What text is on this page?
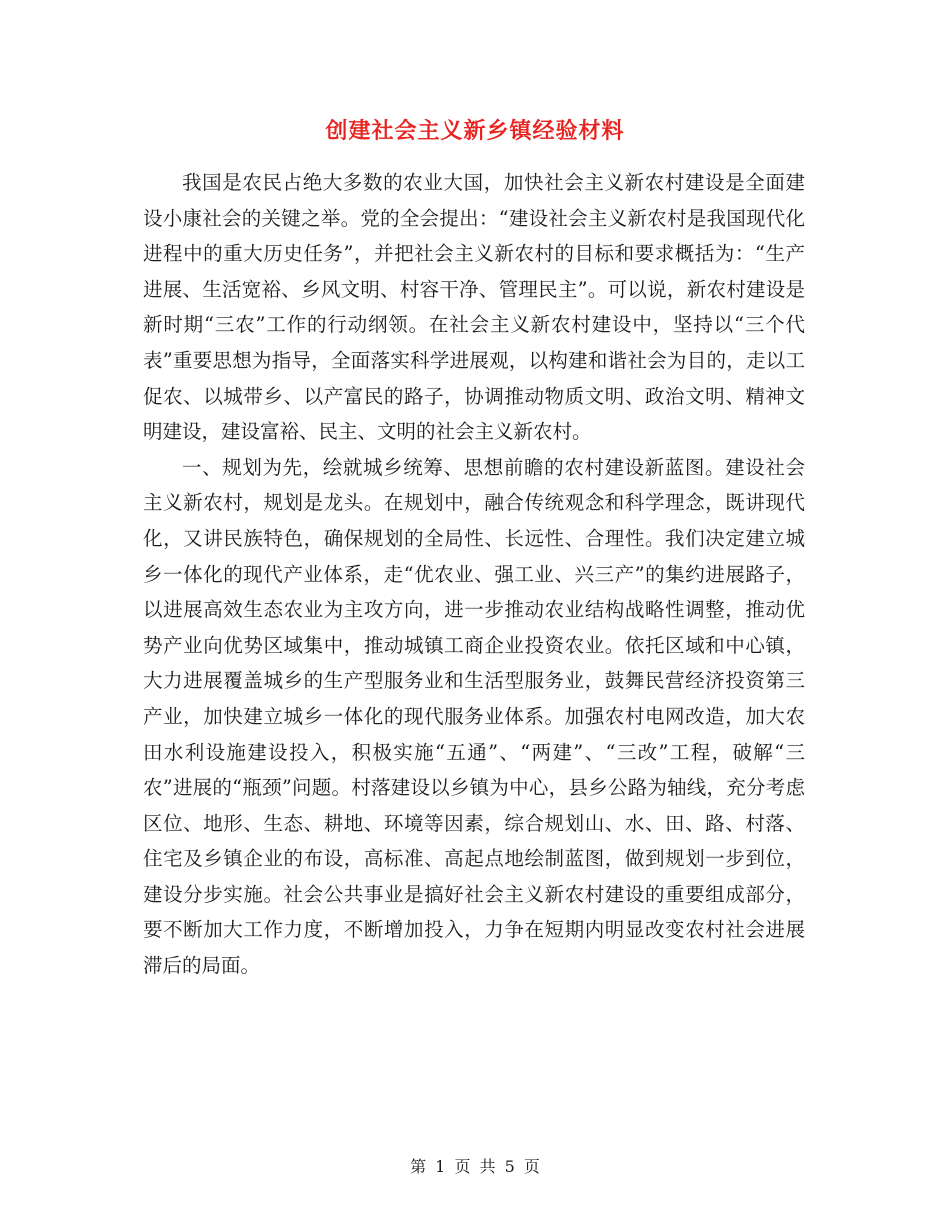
创建社会主义新乡镇经验材料

我国是农民占绝大多数的农业大国，加快社会主义新农村建设是全面建设小康社会的关键之举。党的全会提出：“建设社会主义新农村是我国现代化进程中的重大历史任务”，并把社会主义新农村的目标和要求概括为：“生产进展、生活宽裕、乡风文明、村容干净、管理民主”。可以说，新农村建设是新时期“三农”工作的行动纲领。在社会主义新农村建设中，坚持以“三个代表”重要思想为指导，全面落实科学进展观，以构建和谐社会为目的，走以工促农、以城带乡、以产富民的路子，协调推动物质文明、政治文明、精神文明建设，建设富裕、民主、文明的社会主义新农村。

一、规划为先，绘就城乡统筹、思想前瞻的农村建设新蓝图。建设社会主义新农村，规划是龙头。在规划中，融合传统观念和科学理念，既讲现代化，又讲民族特色，确保规划的全局性、长远性、合理性。我们决定建立城乡一体化的现代产业体系，走“优农业、强工业、兴三产”的集约进展路子，以进展高效生态农业为主攻方向，进一步推动农业结构战略性调整，推动优势产业向优势区域集中，推动城镇工商企业投资农业。依托区域和中心镇，大力进展覆盖城乡的生产型服务业和生活型服务业，鼓舞民营经济投资第三产业，加快建立城乡一体化的现代服务业体系。加强农村电网改造，加大农田水利设施建设投入，积极实施“五通”、“两建”、“三改”工程，破解“三农”进展的“瓶颈”问题。村落建设以乡镇为中心，县乡公路为轴线，充分考虑区位、地形、生态、耕地、环境等因素，综合规划山、水、田、路、村落、住宅及乡镇企业的布设，高标准、高起点地绘制蓝图，做到规划一步到位，建设分步实施。社会公共事业是搞好社会主义新农村建设的重要组成部分，要不断加大工作力度，不断增加投入，力争在短期内明显改变农村社会进展滞后的局面。

第 1 页 共 5 页
